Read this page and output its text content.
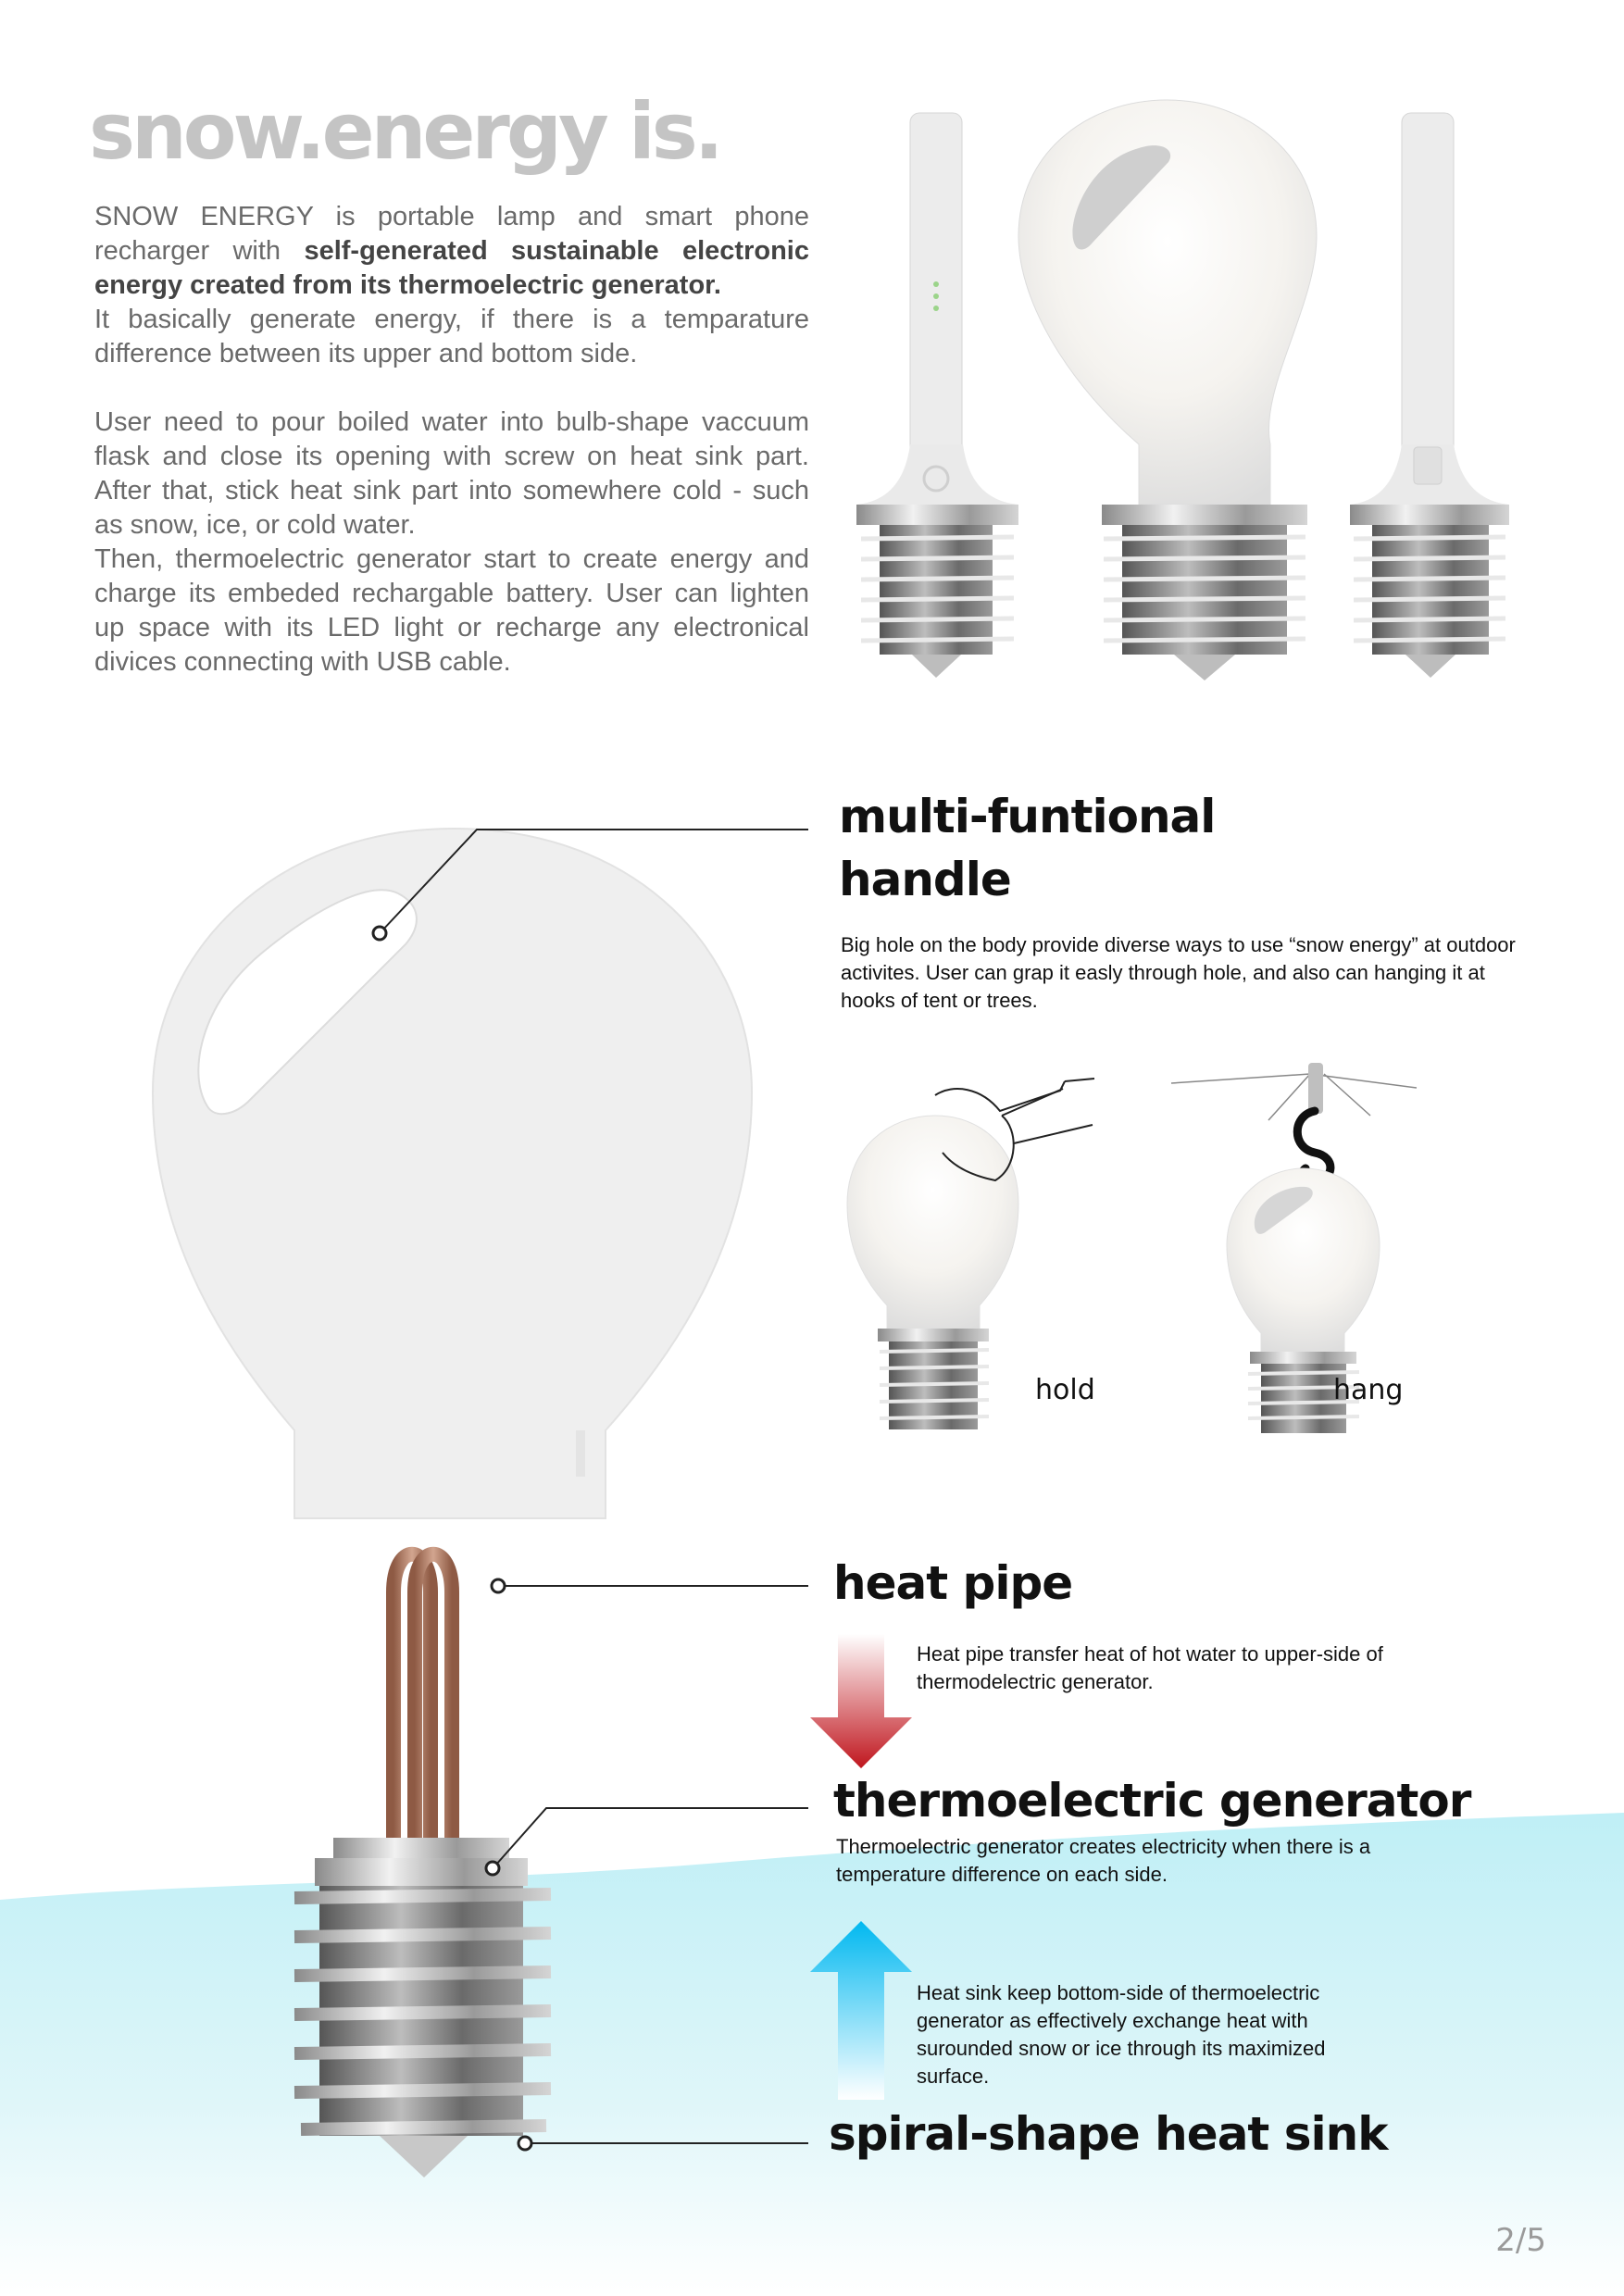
snow.energy is.

SNOW ENERGY is portable lamp and smart phone recharger with self-generated sustainable electronic energy created from its thermoelectric generator.
It basically generate energy, if there is a temparature difference between its upper and bottom side.

User need to pour boiled water into bulb-shape vaccuum flask and close its opening with screw on heat sink part. After that, stick heat sink part into somewhere cold - such as snow, ice, or cold water.

Then, thermoelectric generator start to create energy and charge its embeded rechargable battery. User can lighten up space with its LED light or recharge any electronical divices connecting with USB cable.

multi-funtional
handle
Big hole on the body provide diverse ways to use “snow energy” at outdoor activites. User can grap it easly through hole, and also can hanging it at hooks of tent or trees.
hold	hang
heat pipe
Heat pipe transfer heat of hot water to upper-side of thermodelectric generator.
thermoelectric generator
Thermoelectric generator creates electricity when there is a temperature difference on each side.
Heat sink keep bottom-side of thermoelectric generator as effectively exchange heat with surounded snow or ice through its maximized surface.
spiral-shape heat sink
2/5
